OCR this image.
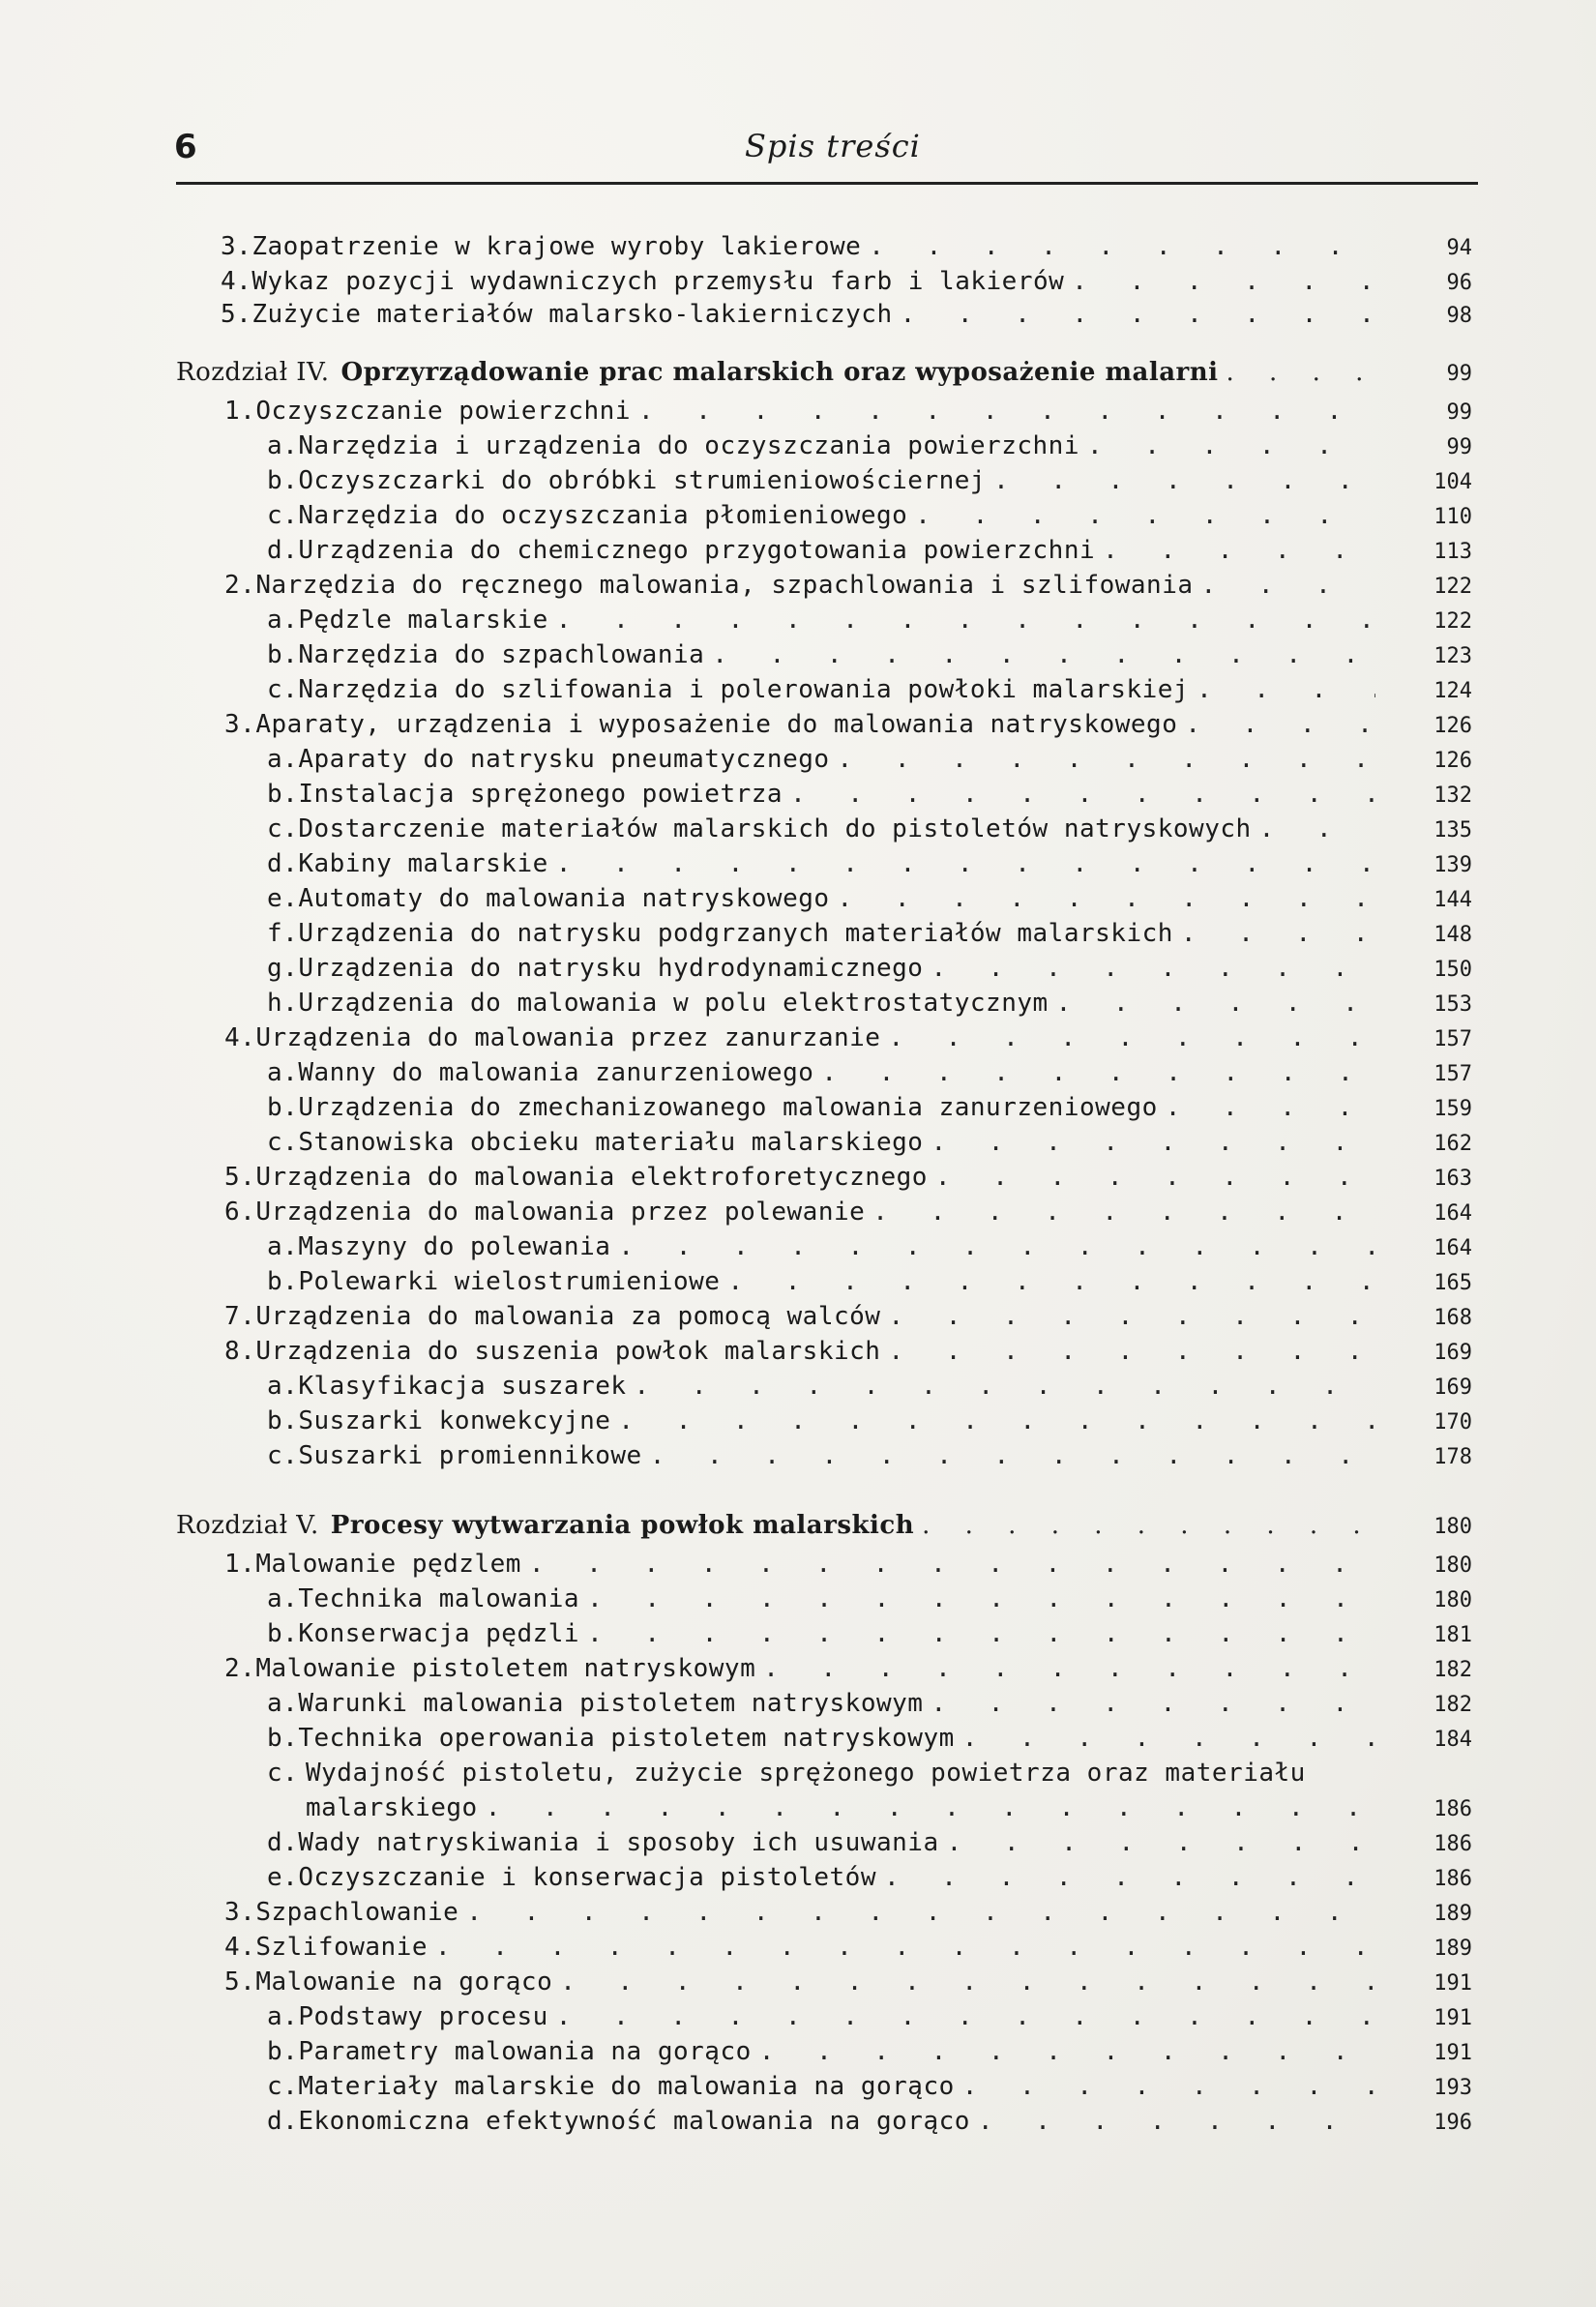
6	Spis treści
3. Zaopatrzenie w krajowe wyroby lakierowe . . .	94
4. Wykaz pozycji wydawniczych przemysłu farb i lakierów . . .	96
5. Zużycie materiałów malarsko-lakierniczych . . .	98
Rozdział IV. Oprzyrządowanie prac malarskich oraz wyposażenie malarni . . .	99
1. Oczyszczanie powierzchni . . .	99
a. Narzędzia i urządzenia do oczyszczania powierzchni . . .	99
b. Oczyszczarki do obróbki strumieniowościernej . . .	104
c. Narzędzia do oczyszczania płomieniowego . . .	110
d. Urządzenia do chemicznego przygotowania powierzchni . . .	113
2. Narzędzia do ręcznego malowania, szpachlowania i szlifowania . . .	122
a. Pędzle malarskie . . .	122
b. Narzędzia do szpachlowania . . .	123
c. Narzędzia do szlifowania i polerowania powłoki malarskiej . . .	124
3. Aparaty, urządzenia i wyposażenie do malowania natryskowego . . .	126
a. Aparaty do natrysku pneumatycznego . . .	126
b. Instalacja sprężonego powietrza . . .	132
c. Dostarczenie materiałów malarskich do pistoletów natryskowych . . .	135
d. Kabiny malarskie . . .	139
e. Automaty do malowania natryskowego . . .	144
f. Urządzenia do natrysku podgrzanych materiałów malarskich . . .	148
g. Urządzenia do natrysku hydrodynamicznego . . .	150
h. Urządzenia do malowania w polu elektrostatycznym . . .	153
4. Urządzenia do malowania przez zanurzanie . . .	157
a. Wanny do malowania zanurzeniowego . . .	157
b. Urządzenia do zmechanizowanego malowania zanurzeniowego . . .	159
c. Stanowiska obcieku materiału malarskiego . . .	162
5. Urządzenia do malowania elektroforetycznego . . .	163
6. Urządzenia do malowania przez polewanie . . .	164
a. Maszyny do polewania . . .	164
b. Polewarki wielostrumieniowe . . .	165
7. Urządzenia do malowania za pomocą walców . . .	168
8. Urządzenia do suszenia powłok malarskich . . .	169
a. Klasyfikacja suszarek . . .	169
b. Suszarki konwekcyjne . . .	170
c. Suszarki promiennikowe . . .	178
Rozdział V. Procesy wytwarzania powłok malarskich . . .	180
1. Malowanie pędzlem . . .	180
a. Technika malowania . . .	180
b. Konserwacja pędzli . . .	181
2. Malowanie pistoletem natryskowym . . .	182
a. Warunki malowania pistoletem natryskowym . . .	182
b. Technika operowania pistoletem natryskowym . . .	184
c. Wydajność pistoletu, zużycie sprężonego powietrza oraz materiału
malarskiego . . .	186
d. Wady natryskiwania i sposoby ich usuwania . . .	186
e. Oczyszczanie i konserwacja pistoletów . . .	186
3. Szpachlowanie . . .	189
4. Szlifowanie . . .	189
5. Malowanie na gorąco . . .	191
a. Podstawy procesu . . .	191
b. Parametry malowania na gorąco . . .	191
c. Materiały malarskie do malowania na gorąco . . .	193
d. Ekonomiczna efektywność malowania na gorąco . . .	196
